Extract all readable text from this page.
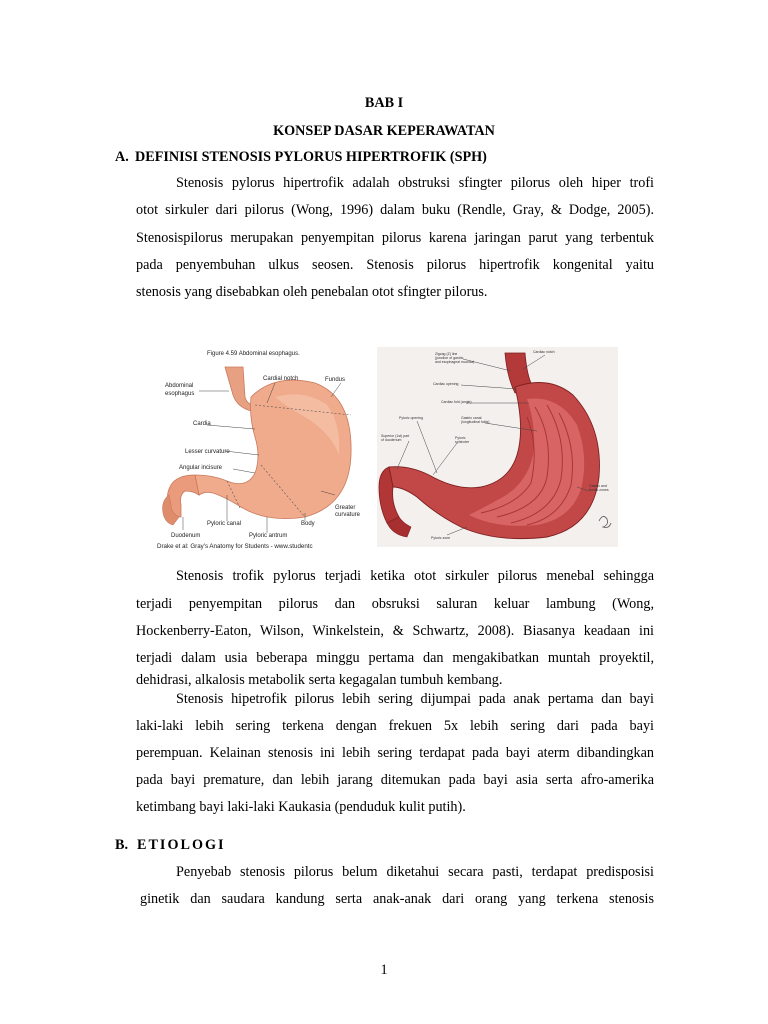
BAB I
KONSEP DASAR KEPERAWATAN
A. DEFINISI STENOSIS PYLORUS HIPERTROFIK (SPH)
Stenosis pylorus hipertrofik adalah obstruksi sfingter pilorus oleh hiper trofi
otot sirkuler dari pilorus (Wong, 1996) dalam buku (Rendle, Gray, & Dodge, 2005).
Stenosispilorus merupakan penyempitan pilorus karena jaringan parut yang terbentuk
pada penyembuhan ulkus seosen. Stenosis pilorus hipertrofik kongenital yaitu
stenosis yang disebabkan oleh penebalan otot sfingter pilorus.
Figure 4.59 Abdominal esophagus.
Abdominal
esophagus
Cardial notch	Fundus
Cardia
Lesser curvature
Angular incisure
Greater
curvature
Body
Pyloric canal
Duodenum	Pyloric antrum
Drake et al: Gray's Anatomy for Students - www.studentc
Zigzag (Z) line
(junction of gastric
and esophageal mucosa)
Cardiac notch
Cardiac opening
Cardiac fold (angle)
Gastric canal
(longitudinal folds)
Pyloric opening
Superior (1st) part
of duodenum	Pyloric
sphincter
Gastric and
fundic zones
Pyloric zone
Stenosis trofik pylorus terjadi ketika otot sirkuler pilorus menebal sehingga
terjadi penyempitan pilorus dan obsruksi saluran keluar lambung (Wong,
Hockenberry-Eaton, Wilson, Winkelstein, & Schwartz, 2008). Biasanya keadaan ini
terjadi dalam usia beberapa minggu pertama dan mengakibatkan muntah proyektil,
dehidrasi, alkalosis metabolik serta kegagalan tumbuh kembang.
Stenosis hipetrofik pilorus lebih sering dijumpai pada anak pertama dan bayi
laki-laki lebih sering terkena dengan frekuen 5x lebih sering dari pada bayi
perempuan. Kelainan stenosis ini lebih sering terdapat pada bayi aterm dibandingkan
pada bayi premature, dan lebih jarang ditemukan pada bayi asia serta afro-amerika
ketimbang bayi laki-laki Kaukasia (penduduk kulit putih).
B. ETIOLOGI
Penyebab stenosis pilorus belum diketahui secara pasti, terdapat predisposisi
ginetik dan saudara kandung serta anak-anak dari orang yang terkena stenosis
1
